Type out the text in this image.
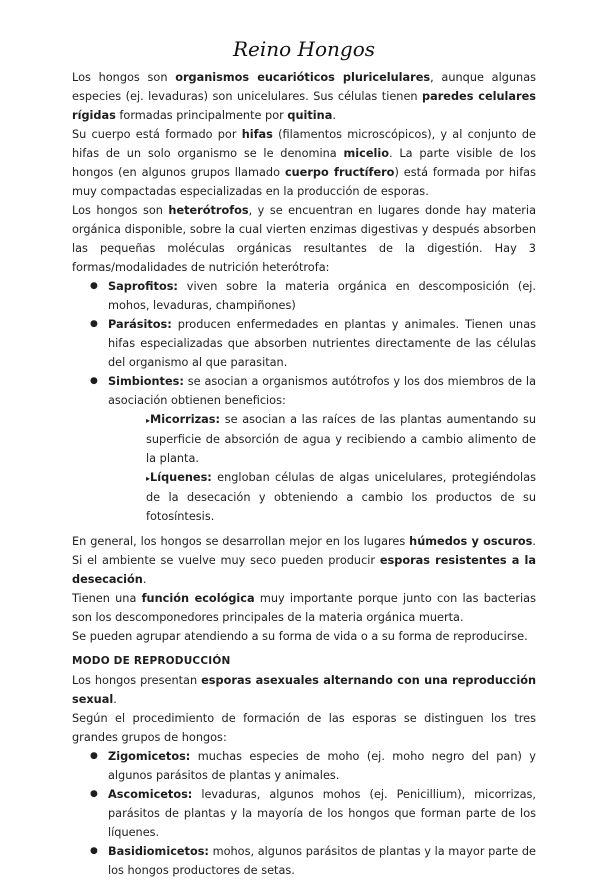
Reino Hongos

Los hongos son organismos eucarióticos pluricelulares, aunque algunas especies (ej. levaduras) son unicelulares. Sus células tienen paredes celulares rígidas formadas principalmente por quitina.

Su cuerpo está formado por hifas (filamentos microscópicos), y al conjunto de hifas de un solo organismo se le denomina micelio. La parte visible de los hongos (en algunos grupos llamado cuerpo fructífero) está formada por hifas muy compactadas especializadas en la producción de esporas.

Los hongos son heterótrofos, y se encuentran en lugares donde hay materia orgánica disponible, sobre la cual vierten enzimas digestivas y después absorben las pequeñas moléculas orgánicas resultantes de la digestión. Hay 3 formas/modalidades de nutrición heterótrofa:

● Saprofitos: viven sobre la materia orgánica en descomposición (ej. mohos, levaduras, champiñones)
● Parásitos: producen enfermedades en plantas y animales. Tienen unas hifas especializadas que absorben nutrientes directamente de las células del organismo al que parasitan.
● Simbiontes: se asocian a organismos autótrofos y los dos miembros de la asociación obtienen beneficios:
▸Micorrizas: se asocian a las raíces de las plantas aumentando su superficie de absorción de agua y recibiendo a cambio alimento de la planta.
▸Líquenes: engloban células de algas unicelulares, protegiéndolas de la desecación y obteniendo a cambio los productos de su fotosíntesis.

En general, los hongos se desarrollan mejor en los lugares húmedos y oscuros. Si el ambiente se vuelve muy seco pueden producir esporas resistentes a la desecación.

Tienen una función ecológica muy importante porque junto con las bacterias son los descomponedores principales de la materia orgánica muerta.

Se pueden agrupar atendiendo a su forma de vida o a su forma de reproducirse.

MODO DE REPRODUCCIÓN

Los hongos presentan esporas asexuales alternando con una reproducción sexual.

Según el procedimiento de formación de las esporas se distinguen los tres grandes grupos de hongos:

● Zigomicetos: muchas especies de moho (ej. moho negro del pan) y algunos parásitos de plantas y animales.
● Ascomicetos: levaduras, algunos mohos (ej. Penicillium), micorrizas, parásitos de plantas y la mayoría de los hongos que forman parte de los líquenes.
● Basidiomicetos: mohos, algunos parásitos de plantas y la mayor parte de los hongos productores de setas.
